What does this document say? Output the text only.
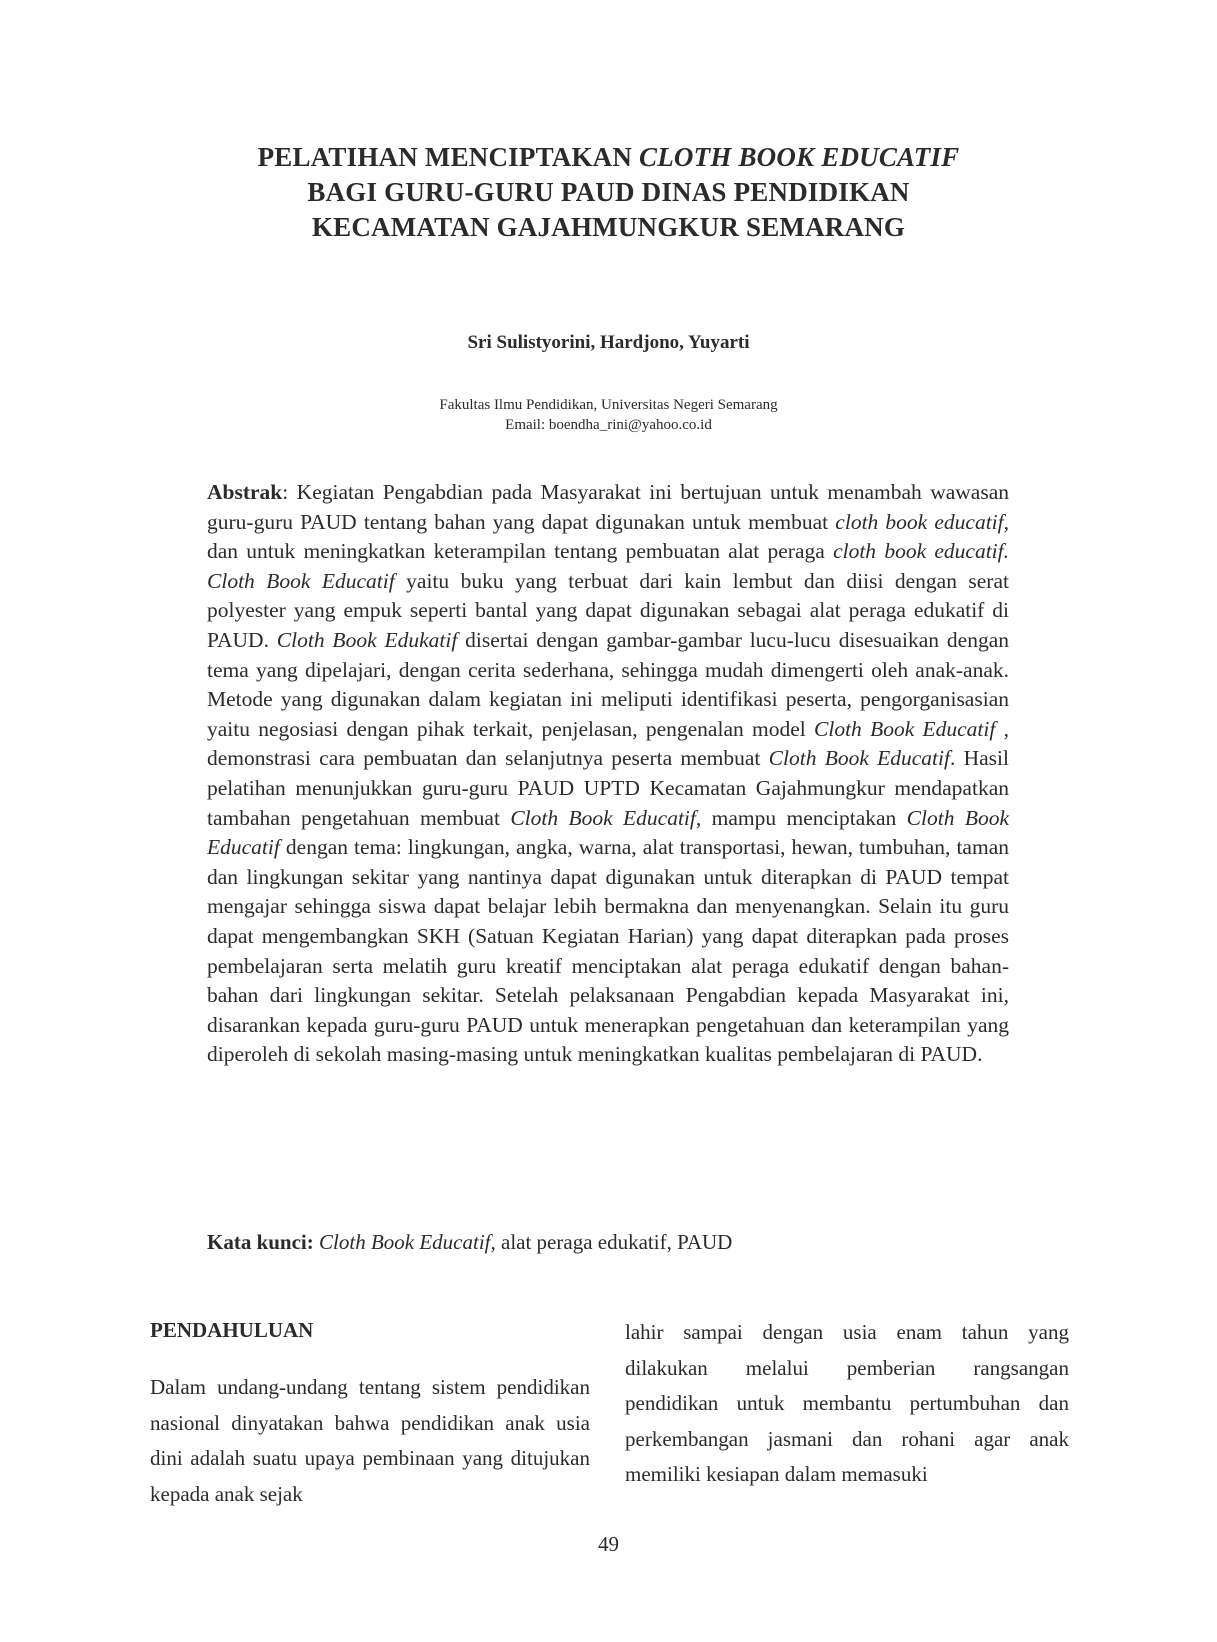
PELATIHAN MENCIPTAKAN CLOTH BOOK EDUCATIF
BAGI GURU-GURU PAUD DINAS PENDIDIKAN
KECAMATAN GAJAHMUNGKUR SEMARANG
Sri Sulistyorini, Hardjono, Yuyarti
Fakultas Ilmu Pendidikan, Universitas Negeri Semarang
Email: boendha_rini@yahoo.co.id
Abstrak: Kegiatan Pengabdian pada Masyarakat ini bertujuan untuk menambah wawasan guru-guru PAUD tentang bahan yang dapat digunakan untuk membuat cloth book educatif, dan untuk meningkatkan keterampilan tentang pembuatan alat peraga cloth book educatif. Cloth Book Educatif yaitu buku yang terbuat dari kain lembut dan diisi dengan serat polyester yang empuk seperti bantal yang dapat digunakan sebagai alat peraga edukatif di PAUD. Cloth Book Edukatif disertai dengan gambar-gambar lucu-lucu disesuaikan dengan tema yang dipelajari, dengan cerita sederhana, sehingga mudah dimengerti oleh anak-anak. Metode yang digunakan dalam kegiatan ini meliputi identifikasi peserta, pengorganisasian yaitu negosiasi dengan pihak terkait, penjelasan, pengenalan model Cloth Book Educatif , demonstrasi cara pembuatan dan selanjutnya peserta membuat Cloth Book Educatif. Hasil pelatihan menunjukkan guru-guru PAUD UPTD Kecamatan Gajahmungkur mendapatkan tambahan pengetahuan membuat Cloth Book Educatif, mampu menciptakan Cloth Book Educatif dengan tema: lingkungan, angka, warna, alat transportasi, hewan, tumbuhan, taman dan lingkungan sekitar yang nantinya dapat digunakan untuk diterapkan di PAUD tempat mengajar sehingga siswa dapat belajar lebih bermakna dan menyenangkan. Selain itu guru dapat mengembangkan SKH (Satuan Kegiatan Harian) yang dapat diterapkan pada proses pembelajaran serta melatih guru kreatif menciptakan alat peraga edukatif dengan bahan-bahan dari lingkungan sekitar. Setelah pelaksanaan Pengabdian kepada Masyarakat ini, disarankan kepada guru-guru PAUD untuk menerapkan pengetahuan dan keterampilan yang diperoleh di sekolah masing-masing untuk meningkatkan kualitas pembelajaran di PAUD.
Kata kunci: Cloth Book Educatif, alat peraga edukatif, PAUD
PENDAHULUAN
Dalam undang-undang tentang sistem pendidikan nasional dinyatakan bahwa pendidikan anak usia dini adalah suatu upaya pembinaan yang ditujukan kepada anak sejak
lahir sampai dengan usia enam tahun yang dilakukan melalui pemberian rangsangan pendidikan untuk membantu pertumbuhan dan perkembangan jasmani dan rohani agar anak memiliki kesiapan dalam memasuki
49
